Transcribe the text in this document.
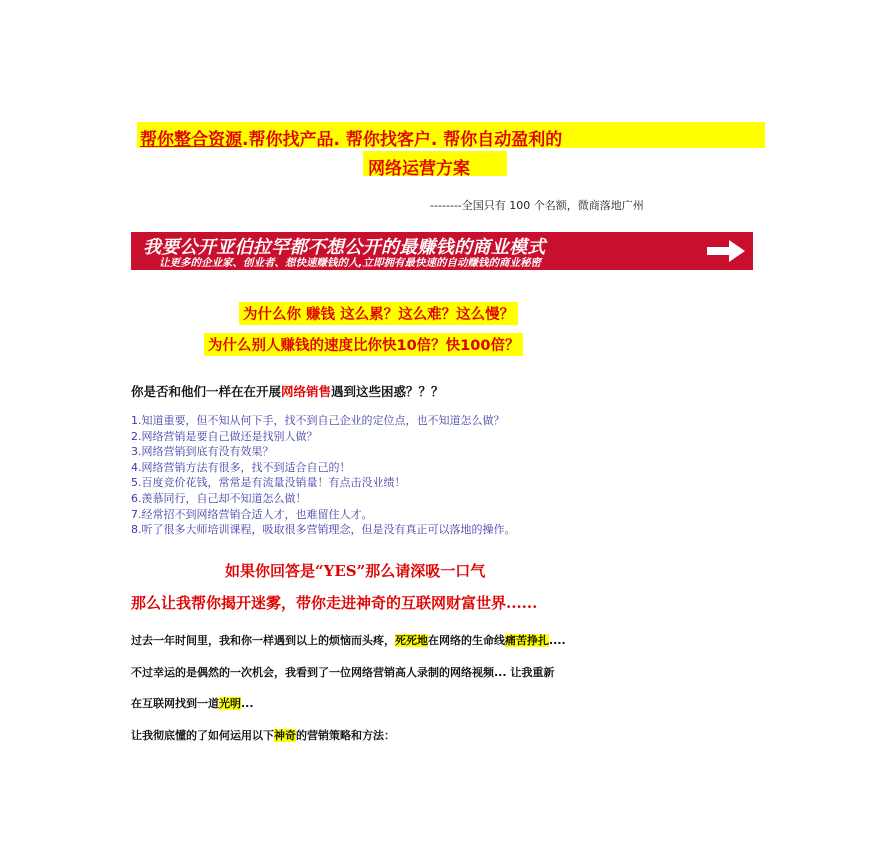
帮你整合资源.帮你找产品. 帮你找客户. 帮你自动盈利的
网络运营方案
--------全国只有 100 个名额，微商落地广州
我要公开亚伯拉罕都不想公开的最赚钱的商业模式
让更多的企业家、创业者、想快速赚钱的人,立即拥有最快速的自动赚钱的商业秘密
为什么你 赚钱 这么累？这么难？这么慢？
为什么别人赚钱的速度比你快10倍？快100倍？
你是否和他们一样在在开展网络销售遇到这些困惑？？？
1.知道重要，但不知从何下手，找不到自己企业的定位点，也不知道怎么做？
2.网络营销是要自己做还是找别人做？
3.网络营销到底有没有效果？
4.网络营销方法有很多，找不到适合自己的！
5.百度竞价花钱，常常是有流量没销量！有点击没业绩！
6.羡慕同行，自己却不知道怎么做！
7.经常招不到网络营销合适人才，也难留住人才。
8.听了很多大师培训课程，吸取很多营销理念，但是没有真正可以落地的操作。
如果你回答是“YES”那么请深吸一口气
那么让我帮你揭开迷雾，带你走进神奇的互联网财富世界......
过去一年时间里，我和你一样遇到以上的烦恼而头疼，死死地在网络的生命线痛苦挣扎....
不过幸运的是偶然的一次机会，我看到了一位网络营销高人录制的网络视频... 让我重新
在互联网找到一道光明...
让我彻底懂的了如何运用以下神奇的营销策略和方法：
